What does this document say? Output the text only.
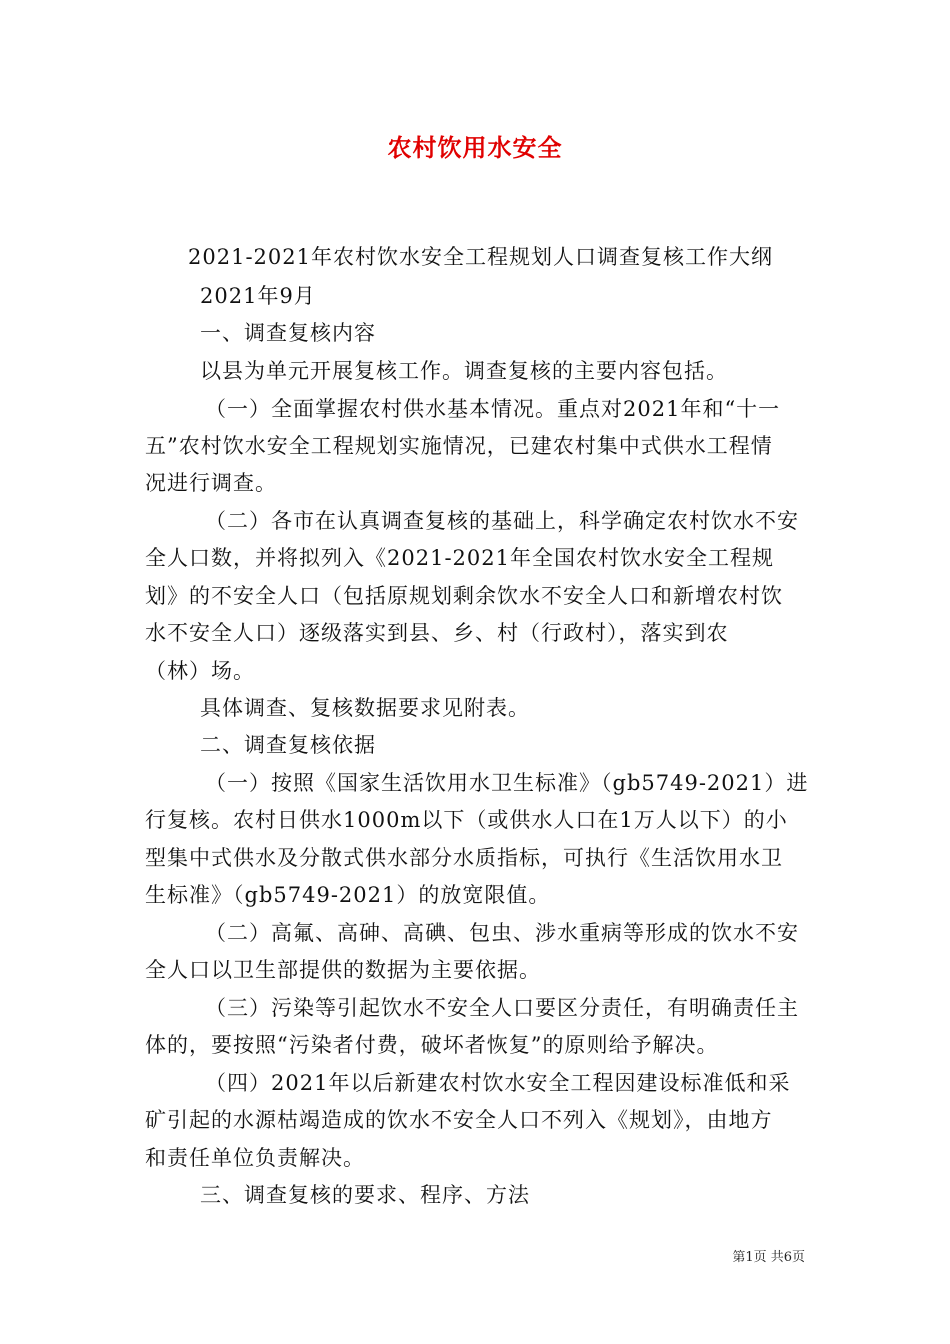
农村饮用水安全
2021-2021年农村饮水安全工程规划人口调查复核工作大纲
2021年9月
一、调查复核内容
以县为单元开展复核工作。调查复核的主要内容包括。
（一）全面掌握农村供水基本情况。重点对2021年和“十一
五”农村饮水安全工程规划实施情况，已建农村集中式供水工程情
况进行调查。
（二）各市在认真调查复核的基础上，科学确定农村饮水不安
全人口数，并将拟列入《2021-2021年全国农村饮水安全工程规
划》的不安全人口（包括原规划剩余饮水不安全人口和新增农村饮
水不安全人口）逐级落实到县、乡、村（行政村），落实到农
（林）场。
具体调查、复核数据要求见附表。
二、调查复核依据
（一）按照《国家生活饮用水卫生标准》（gb5749-2021）进
行复核。农村日供水1000m以下（或供水人口在1万人以下）的小
型集中式供水及分散式供水部分水质指标，可执行《生活饮用水卫
生标准》（gb5749-2021）的放宽限值。
（二）高氟、高砷、高碘、包虫、涉水重病等形成的饮水不安
全人口以卫生部提供的数据为主要依据。
（三）污染等引起饮水不安全人口要区分责任，有明确责任主
体的，要按照“污染者付费，破坏者恢复”的原则给予解决。
（四）2021年以后新建农村饮水安全工程因建设标准低和采
矿引起的水源枯竭造成的饮水不安全人口不列入《规划》，由地方
和责任单位负责解决。
三、调查复核的要求、程序、方法
第1页 共6页
